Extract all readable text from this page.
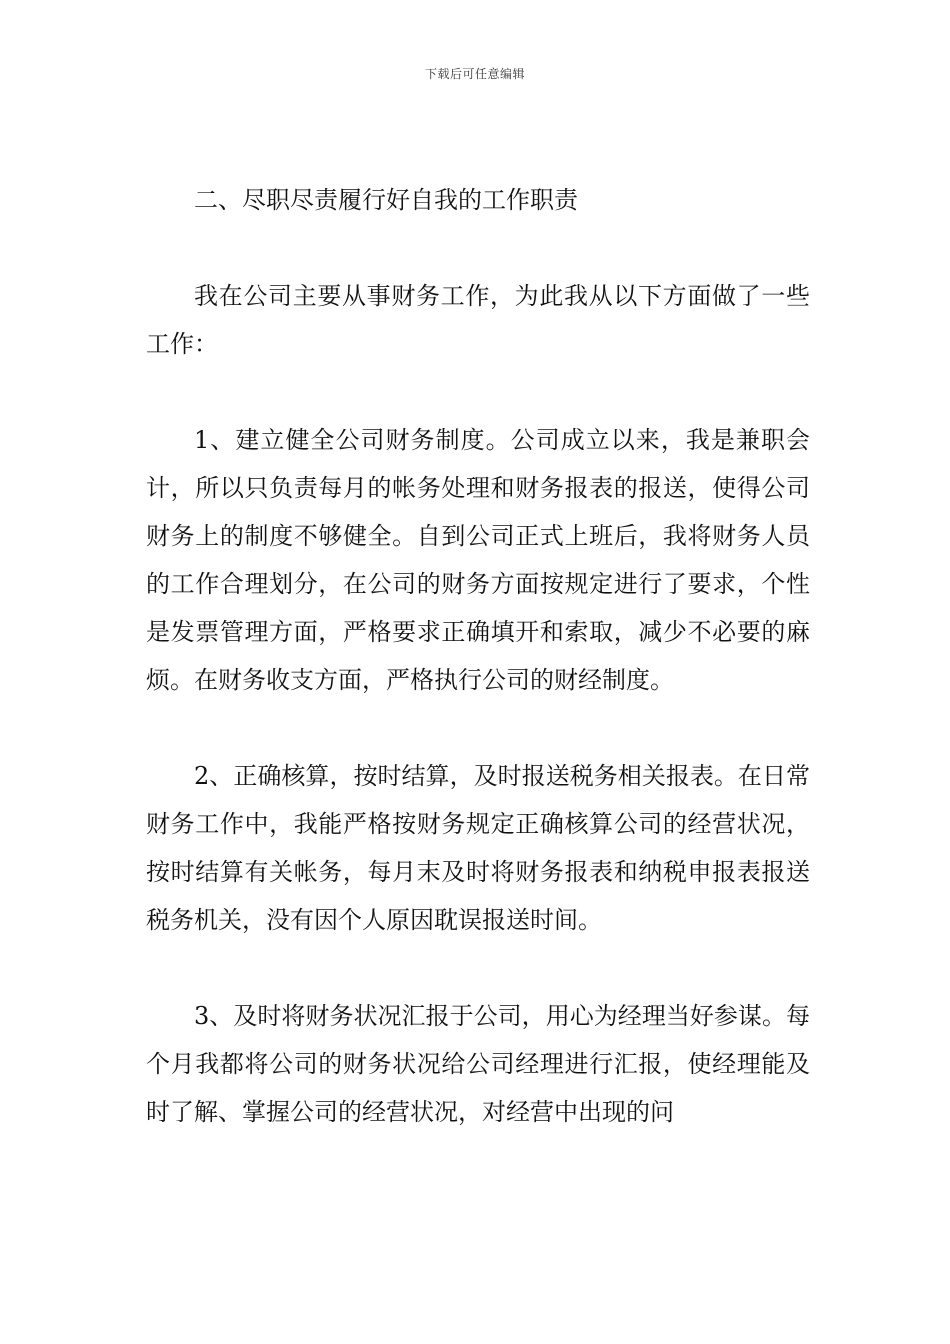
下载后可任意编辑

二、尽职尽责履行好自我的工作职责

我在公司主要从事财务工作，为此我从以下方面做了一些工作：

1、建立健全公司财务制度。公司成立以来，我是兼职会计，所以只负责每月的帐务处理和财务报表的报送，使得公司财务上的制度不够健全。自到公司正式上班后，我将财务人员的工作合理划分，在公司的财务方面按规定进行了要求，个性是发票管理方面，严格要求正确填开和索取，减少不必要的麻烦。在财务收支方面，严格执行公司的财经制度。

2、正确核算，按时结算，及时报送税务相关报表。在日常财务工作中，我能严格按财务规定正确核算公司的经营状况，按时结算有关帐务，每月末及时将财务报表和纳税申报表报送税务机关，没有因个人原因耽误报送时间。

3、及时将财务状况汇报于公司，用心为经理当好参谋。每个月我都将公司的财务状况给公司经理进行汇报，使经理能及时了解、掌握公司的经营状况，对经营中出现的问
